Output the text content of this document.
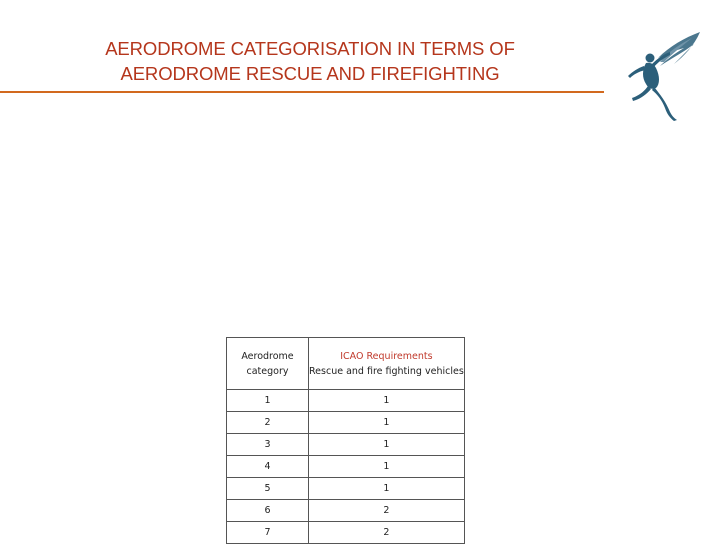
AERODROME CATEGORISATION IN TERMS OF
AERODROME RESCUE AND FIREFIGHTING
Aerodrome
category	ICAO Requirements
Rescue and fire fighting vehicles

1	1
2	1
3	1
4	1
5	1
6	2
7	2
